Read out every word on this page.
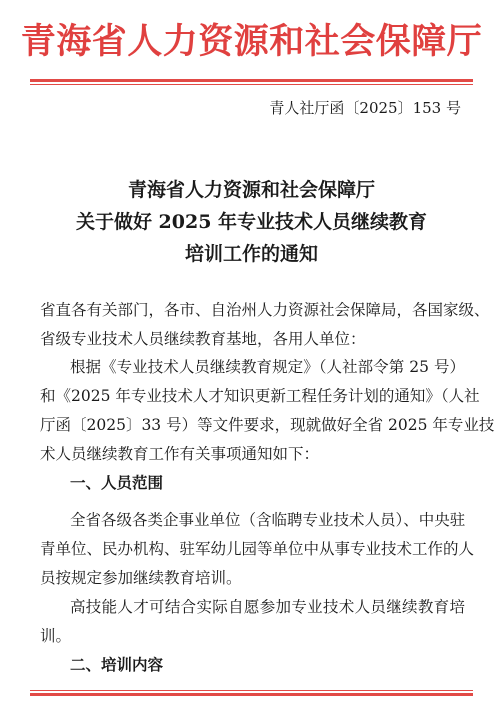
青海省人力资源和社会保障厅
青人社厅函〔2025〕153 号
青海省人力资源和社会保障厅
关于做好 2025 年专业技术人员继续教育
培训工作的通知
省直各有关部门，各市、自治州人力资源社会保障局，各国家级、
省级专业技术人员继续教育基地，各用人单位：
根据《专业技术人员继续教育规定》（人社部令第 25 号）
和《2025 年专业技术人才知识更新工程任务计划的通知》（人社
厅函〔2025〕33 号）等文件要求，现就做好全省 2025 年专业技
术人员继续教育工作有关事项通知如下：
一、人员范围
全省各级各类企事业单位（含临聘专业技术人员）、中央驻
青单位、民办机构、驻军幼儿园等单位中从事专业技术工作的人
员按规定参加继续教育培训。
高技能人才可结合实际自愿参加专业技术人员继续教育培
训。
二、培训内容
